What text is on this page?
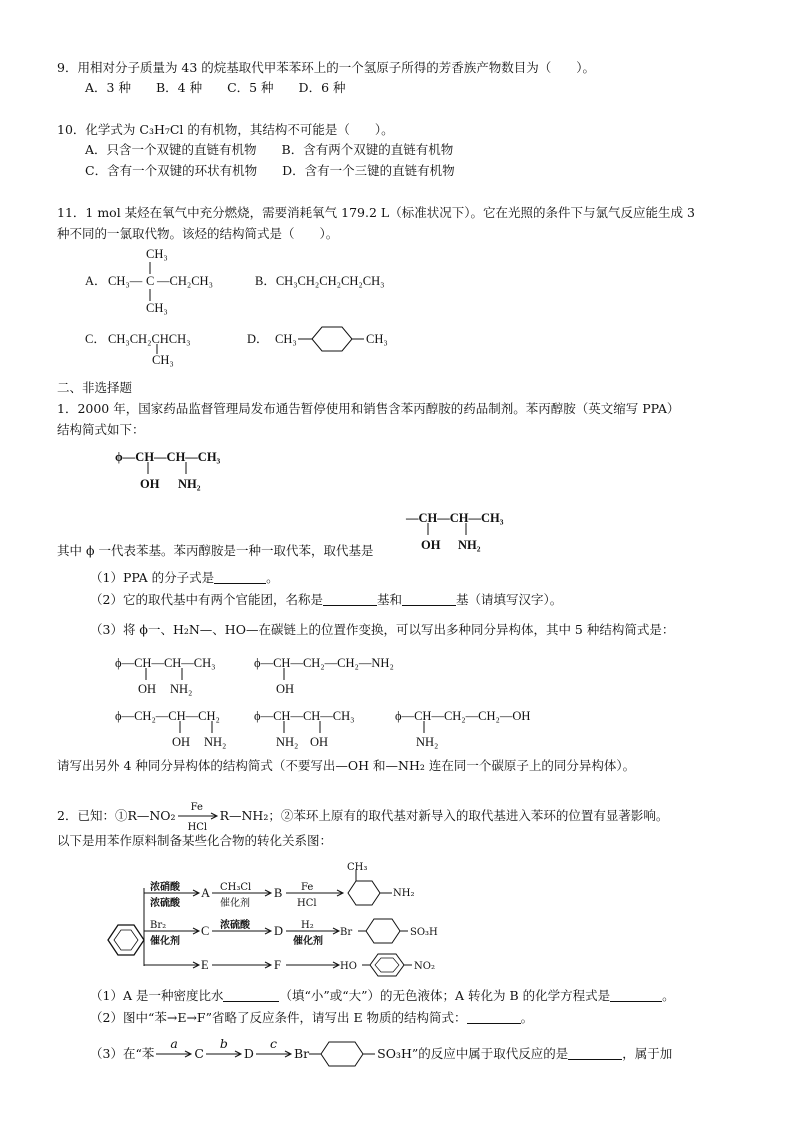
9．用相对分子质量为 43 的烷基取代甲苯苯环上的一个氢原子所得的芳香族产物数目为（　　）。
A．3 种　　B．4 种　　C．5 种　　D．6 种
10．化学式为 C₃H₇Cl 的有机物，其结构不可能是（　　）。
A．只含一个双键的直链有机物　　B．含有两个双键的直链有机物
C．含有一个双键的环状有机物　　D．含有一个三键的直链有机物
11．1 mol 某烃在氧气中充分燃烧，需要消耗氧气 179.2 L（标准状况下）。它在光照的条件下与氯气反应能生成 3
种不同的一氯取代物。该烃的结构简式是（　　）。
CH₃
A． CH₃— C —CH₂CH₃
CH₃
B．CH₃CH₂CH₂CH₂CH₃
C． CH₃CH₂CHCH₃
CH₃
D． CH₃	CH₃
二、非选择题
1．2000 年，国家药品监督管理局发布通告暂停使用和销售含苯丙醇胺的药品制剂。苯丙醇胺（英文缩写 PPA）
结构简式如下：
ϕ—CH—CH—CH₃
OH NH₂
—CH—CH—CH₃
OH NH₂
其中 ϕ 一代表苯基。苯丙醇胺是一种一取代苯，取代基是
（1）PPA 的分子式是	。
（2）它的取代基中有两个官能团，名称是	基和	基（请填写汉字）。
（3）将 ϕ一、H₂N—、HO—在碳链上的位置作变换，可以写出多种同分异构体，其中 5 种结构简式是：
ϕ—CH—CH—CH₃
OH NH₂
ϕ—CH—CH₂—CH₂—NH₂
OH
ϕ—CH₂—CH—CH₂
OH NH₂
ϕ—CH—CH—CH₃
NH₂ OH
ϕ—CH—CH₂—CH₂—OH
NH₂
请写出另外 4 种同分异构体的结构简式（不要写出—OH 和—NH₂ 连在同一个碳原子上的同分异构体）。
2．已知：①R—NO₂
Fe
HCl
R—NH₂；②苯环上原有的取代基对新导入的取代基进入苯环的位置有显著影响。
以下是用苯作原料制备某些化合物的转化关系图：
浓硝酸
浓硫酸
A CH₃Cl
催化剂
B Fe
HCl
CH₃
NH₂
Br₂
催化剂
C 浓硫酸 D H₂
催化剂
Br	SO₃H
E	F	HO	NO₂
（1）A 是一种密度比水	（填“小”或“大”）的无色液体；A 转化为 B 的化学方程式是	。
（2）图中“苯→E→F”省略了反应条件，请写出 E 物质的结构简式：	。
（3）在“苯
a
C
b
D
c
Br	SO₃H”的反应中属于取代反应的是	，属于加
